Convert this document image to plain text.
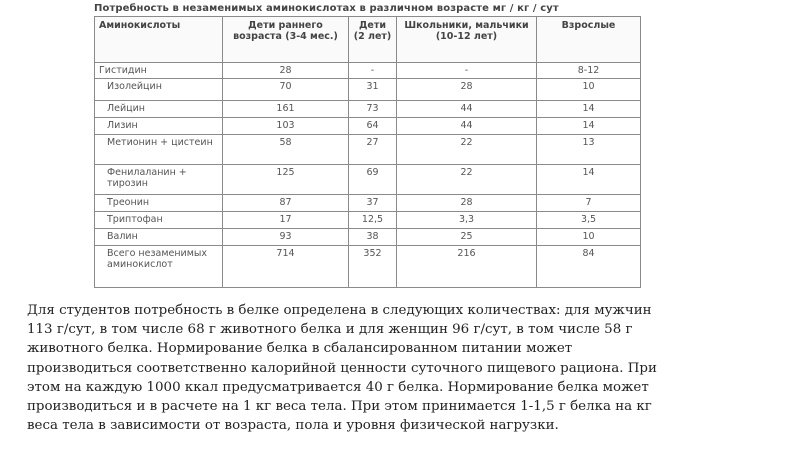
Потребность в незаменимых аминокислотах в различном возрасте мг / кг / сут
Аминокислоты	Дети раннего возраста (3-4 мес.)	Дети (2 лет)	Школьники, мальчики (10-12 лет)	Взрослые
Гистидин	28	-	-	8-12
Изолейцин	70	31	28	10
Лейцин	161	73	44	14
Лизин	103	64	44	14
Метионин + цистеин	58	27	22	13
Фенилаланин + тирозин	125	69	22	14
Треонин	87	37	28	7
Триптофан	17	12,5	3,3	3,5
Валин	93	38	25	10
Всего незаменимых аминокислот	714	352	216	84
Для студентов потребность в белке определена в следующих количествах: для мужчин 113 г/сут, в том числе 68 г животного белка и для женщин 96 г/сут, в том числе 58 г животного белка. Нормирование белка в сбалансированном питании может производиться соответственно калорийной ценности суточного пищевого рациона. При этом на каждую 1000 ккал предусматривается 40 г белка. Нормирование белка может производиться и в расчете на 1 кг веса тела. При этом принимается 1-1,5 г белка на кг веса тела в зависимости от возраста, пола и уровня физической нагрузки.
